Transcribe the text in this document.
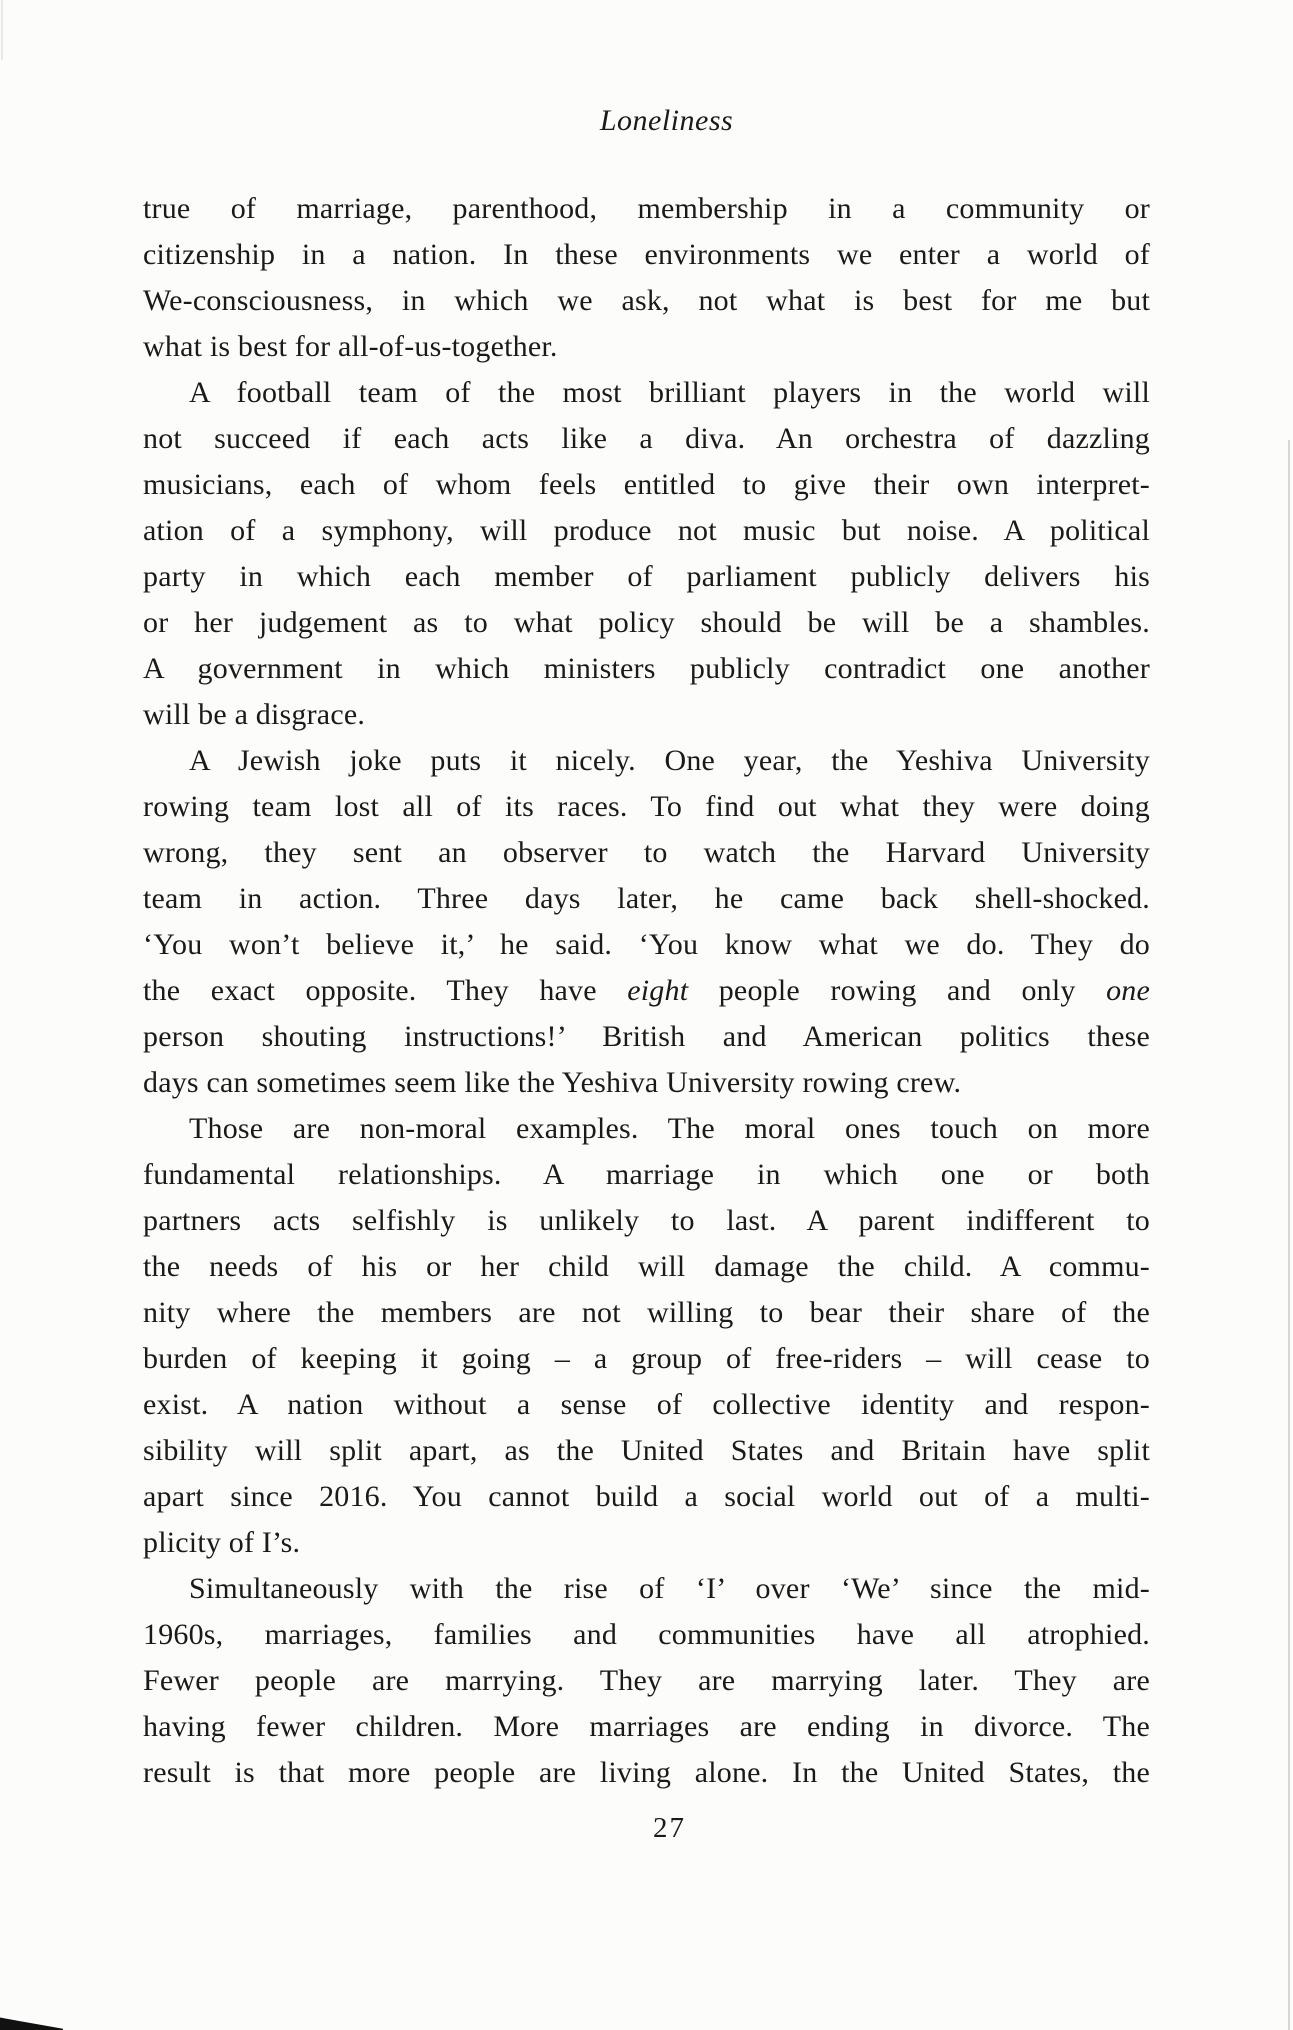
Loneliness
true of marriage, parenthood, membership in a community or
citizenship in a nation. In these environments we enter a world of
We-consciousness, in which we ask, not what is best for me but
what is best for all-of-us-together.
A football team of the most brilliant players in the world will
not succeed if each acts like a diva. An orchestra of dazzling
musicians, each of whom feels entitled to give their own interpret-
ation of a symphony, will produce not music but noise. A political
party in which each member of parliament publicly delivers his
or her judgement as to what policy should be will be a shambles.
A government in which ministers publicly contradict one another
will be a disgrace.
A Jewish joke puts it nicely. One year, the Yeshiva University
rowing team lost all of its races. To find out what they were doing
wrong, they sent an observer to watch the Harvard University
team in action. Three days later, he came back shell-shocked.
‘You won’t believe it,’ he said. ‘You know what we do. They do
the exact opposite. They have eight people rowing and only one
person shouting instructions!’ British and American politics these
days can sometimes seem like the Yeshiva University rowing crew.
Those are non-moral examples. The moral ones touch on more
fundamental relationships. A marriage in which one or both
partners acts selfishly is unlikely to last. A parent indifferent to
the needs of his or her child will damage the child. A commu-
nity where the members are not willing to bear their share of the
burden of keeping it going – a group of free-riders – will cease to
exist. A nation without a sense of collective identity and respon-
sibility will split apart, as the United States and Britain have split
apart since 2016. You cannot build a social world out of a multi-
plicity of I’s.
Simultaneously with the rise of ‘I’ over ‘We’ since the mid-
1960s, marriages, families and communities have all atrophied.
Fewer people are marrying. They are marrying later. They are
having fewer children. More marriages are ending in divorce. The
result is that more people are living alone. In the United States, the
27
